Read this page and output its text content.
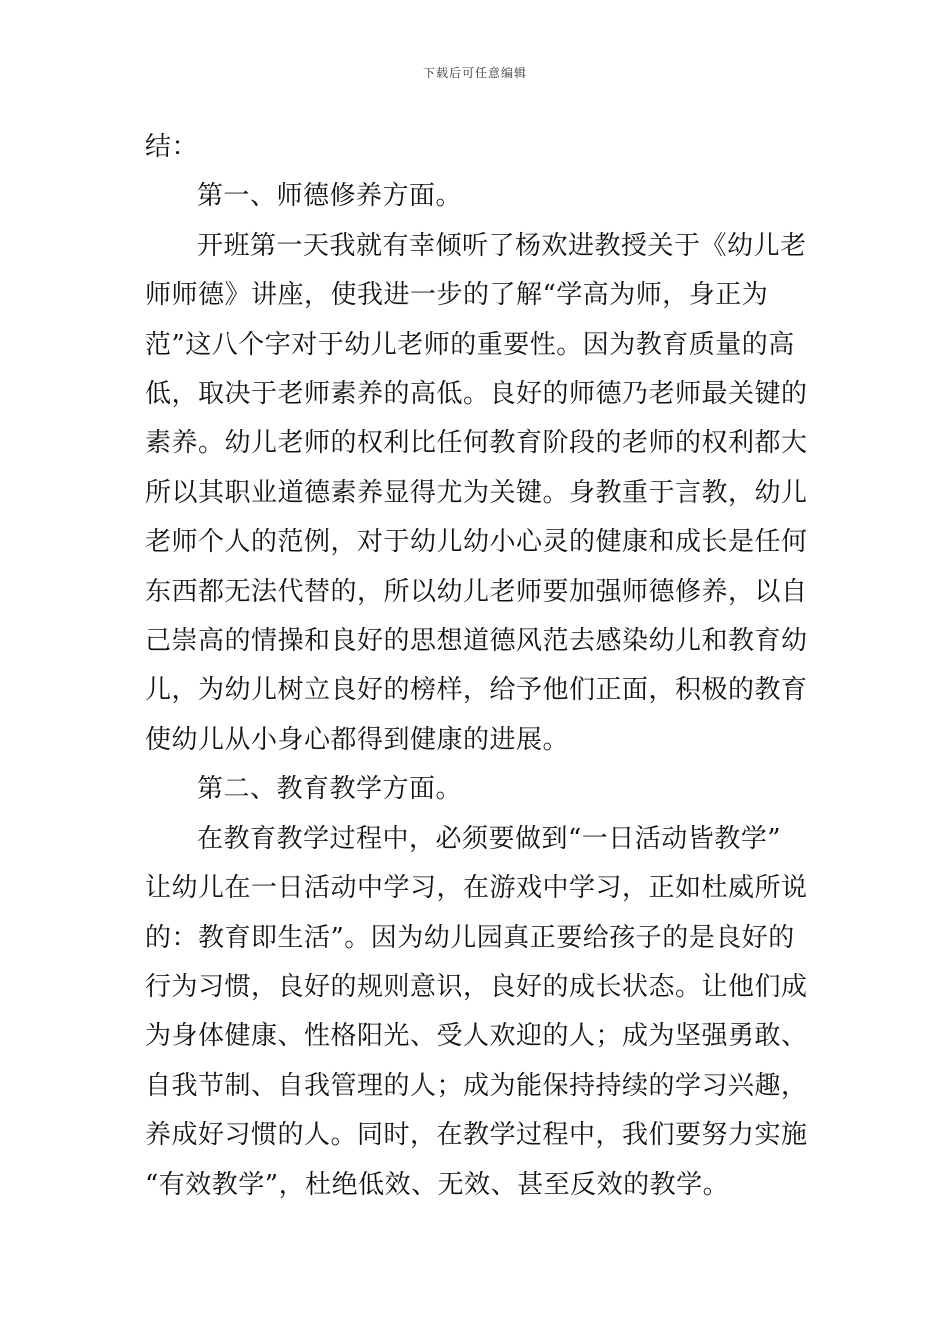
下载后可任意编辑
结：
第一、师德修养方面。
开班第一天我就有幸倾听了杨欢进教授关于《幼儿老
师师德》讲座，使我进一步的了解“学高为师，身正为
范”这八个字对于幼儿老师的重要性。因为教育质量的高
低，取决于老师素养的高低。良好的师德乃老师最关键的
素养。幼儿老师的权利比任何教育阶段的老师的权利都大
所以其职业道德素养显得尤为关键。身教重于言教，幼儿
老师个人的范例，对于幼儿幼小心灵的健康和成长是任何
东西都无法代替的，所以幼儿老师要加强师德修养，以自
己崇高的情操和良好的思想道德风范去感染幼儿和教育幼
儿，为幼儿树立良好的榜样，给予他们正面，积极的教育
使幼儿从小身心都得到健康的进展。
第二、教育教学方面。
在教育教学过程中，必须要做到“一日活动皆教学”
让幼儿在一日活动中学习，在游戏中学习，正如杜威所说
的：教育即生活”。因为幼儿园真正要给孩子的是良好的
行为习惯，良好的规则意识，良好的成长状态。让他们成
为身体健康、性格阳光、受人欢迎的人；成为坚强勇敢、
自我节制、自我管理的人；成为能保持持续的学习兴趣，
养成好习惯的人。同时，在教学过程中，我们要努力实施
“有效教学”，杜绝低效、无效、甚至反效的教学。
